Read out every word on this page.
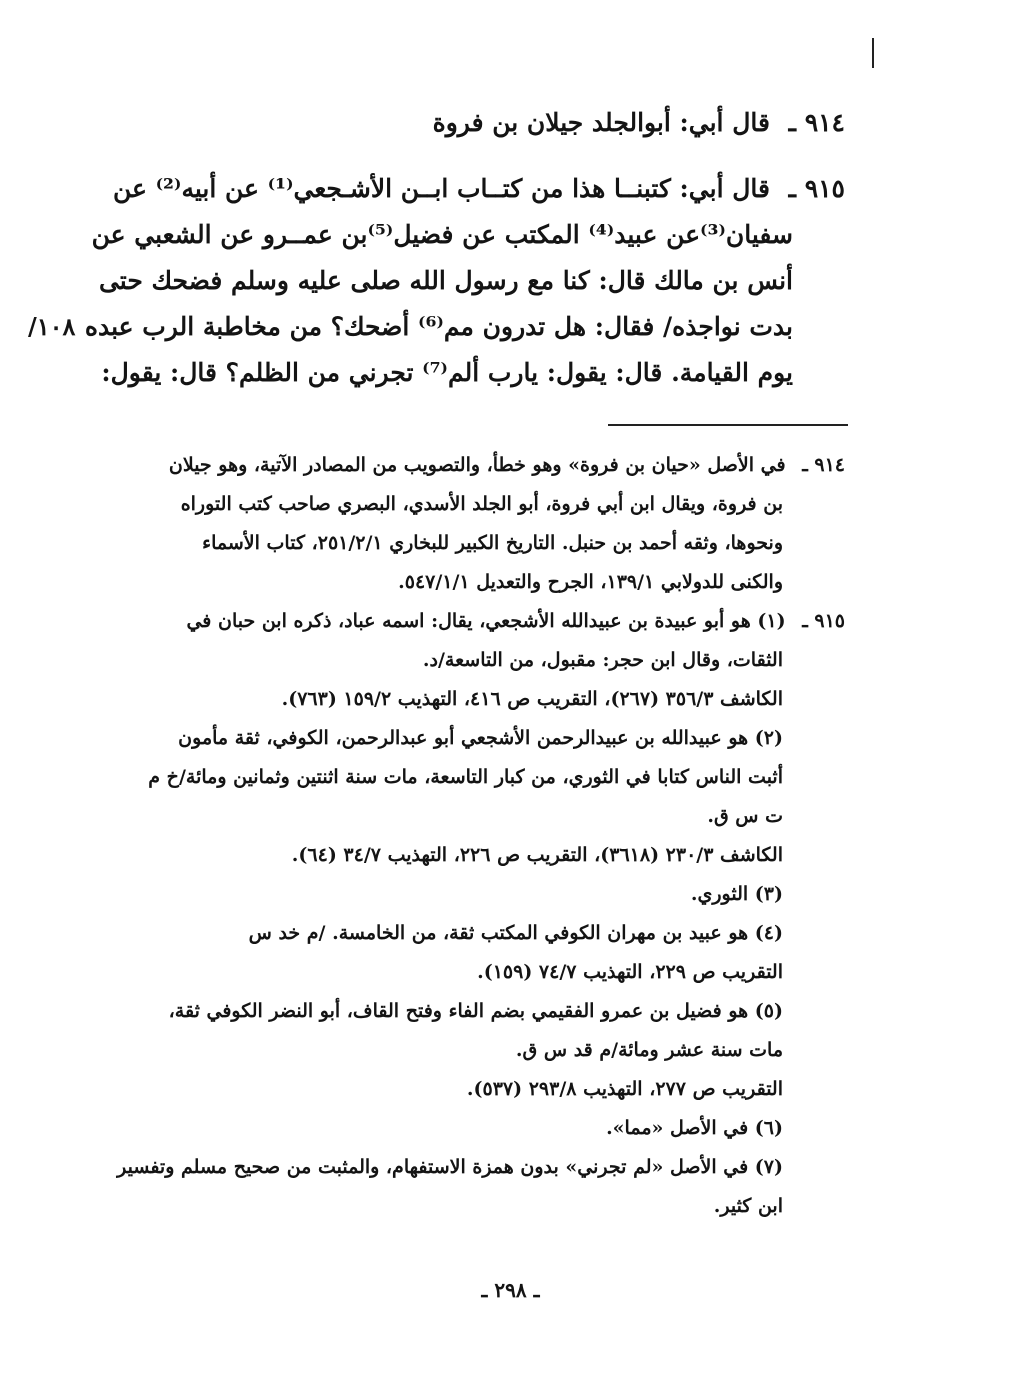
٩١٤ ـ قال أبي: أبوالجلد جيلان بن فروة
٩١٥ ـ قال أبي: كتبنــا هذا من كتــاب ابــن الأشـجعي⁽¹⁾ عن أبيه⁽²⁾ عن
سفيان⁽³⁾عن عبيد⁽⁴⁾ المكتب عن فضيل⁽⁵⁾بن عمــرو عن الشعبي عن
أنس بن مالك قال: كنا مع رسول الله صلى عليه وسلم فضحك حتى
بدت نواجذه/ فقال: هل تدرون مم⁽⁶⁾ أضحك؟ من مخاطبة الرب عبده
يوم القيامة. قال: يقول: يارب ألم⁽⁷⁾ تجرني من الظلم؟ قال: يقول:
١٠٨/
٩١٤ ـ في الأصل «حيان بن فروة» وهو خطأ، والتصويب من المصادر الآتية، وهو جيلان
بن فروة، ويقال ابن أبي فروة، أبو الجلد الأسدي، البصري صاحب كتب التوراه
ونحوها، وثقه أحمد بن حنبل. التاريخ الكبير للبخاري ٢٥١/٢/١، كتاب الأسماء
والكنى للدولابي ١٣٩/١، الجرح والتعديل ٥٤٧/١/١.
٩١٥ ـ (١) هو أبو عبيدة بن عبيدالله الأشجعي، يقال: اسمه عباد، ذكره ابن حبان في
الثقات، وقال ابن حجر: مقبول، من التاسعة/د.
الكاشف ٣٥٦/٣ (٢٦٧)، التقريب ص ٤١٦، التهذيب ١٥٩/٢ (٧٦٣).
(٢) هو عبيدالله بن عبيدالرحمن الأشجعي أبو عبدالرحمن، الكوفي، ثقة مأمون
أثبت الناس كتابا في الثوري، من كبار التاسعة، مات سنة اثنتين وثمانين ومائة/خ م
ت س ق.
الكاشف ٢٣٠/٣ (٣٦١٨)، التقريب ص ٢٢٦، التهذيب ٣٤/٧ (٦٤).
(٣) الثوري.
(٤) هو عبيد بن مهران الكوفي المكتب ثقة، من الخامسة. /م خد س
التقريب ص ٢٢٩، التهذيب ٧٤/٧ (١٥٩).
(٥) هو فضيل بن عمرو الفقيمي بضم الفاء وفتح القاف، أبو النضر الكوفي ثقة،
مات سنة عشر ومائة/م قد س ق.
التقريب ص ٢٧٧، التهذيب ٢٩٣/٨ (٥٣٧).
(٦) في الأصل «مما».
(٧) في الأصل «لم تجرني» بدون همزة الاستفهام، والمثبت من صحيح مسلم وتفسير
ابن كثير.
ـ ٢٩٨ ـ
